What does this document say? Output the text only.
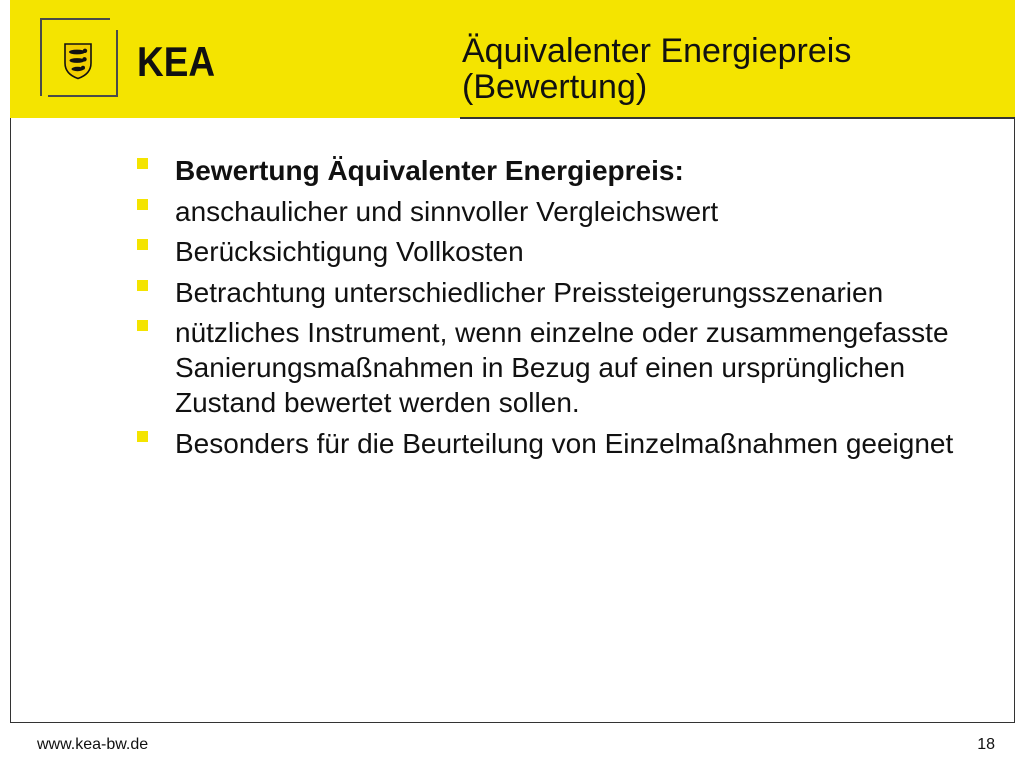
KEA	Äquivalenter Energiepreis (Bewertung)
Bewertung Äquivalenter Energiepreis:
anschaulicher und sinnvoller Vergleichswert
Berücksichtigung Vollkosten
Betrachtung unterschiedlicher Preissteigerungsszenarien
nützliches Instrument, wenn einzelne oder zusammengefasste Sanierungsmaßnahmen in Bezug auf einen ursprünglichen Zustand bewertet werden sollen.
Besonders für die Beurteilung von Einzelmaßnahmen geeignet
www.kea-bw.de	18
